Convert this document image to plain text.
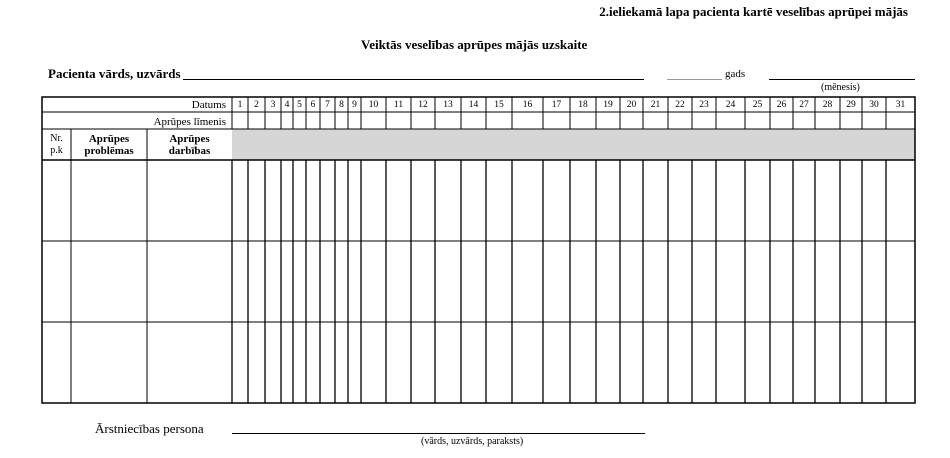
2.ieliekamā lapa pacienta kartē veselības aprūpei mājās
Veiktās veselības aprūpes mājās uzskaite
Pacienta vārds, uzvārds	gads
(mēnesis)
Datums
Aprūpes līmenis
1 2 3 4 5 6 7 8 9 10 11 12 13 14 15 16 17 18 19 20 21 22 23 24 25 26 27 28 29 30 31
Nr.
p.k
Aprūpes
problēmas
Aprūpes
darbības
Ārstniecības persona
(vārds, uzvārds, paraksts)
